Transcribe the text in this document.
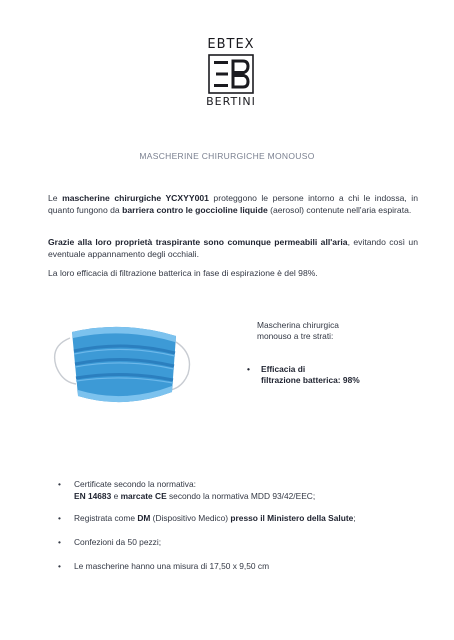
EBTEX
BERTINI
MASCHERINE CHIRURGICHE MONOUSO
Le mascherine chirurgiche YCXYY001 proteggono le persone intorno a chi le indossa, in quanto fungono da barriera contro le goccioline liquide (aerosol) contenute nell'aria espirata.
Grazie alla loro proprietà traspirante sono comunque permeabili all'aria, evitando così un eventuale appannamento degli occhiali.
La loro efficacia di filtrazione batterica in fase di espirazione è del 98%.
Mascherina chirurgica monouso a tre strati:
• Efficacia di
filtrazione batterica: 98%
• Certificate secondo la normativa:
EN 14683 e marcate CE secondo la normativa MDD 93/42/EEC;
• Registrata come DM (Dispositivo Medico) presso il Ministero della Salute;
• Confezioni da 50 pezzi;
• Le mascherine hanno una misura di 17,50 x 9,50 cm
